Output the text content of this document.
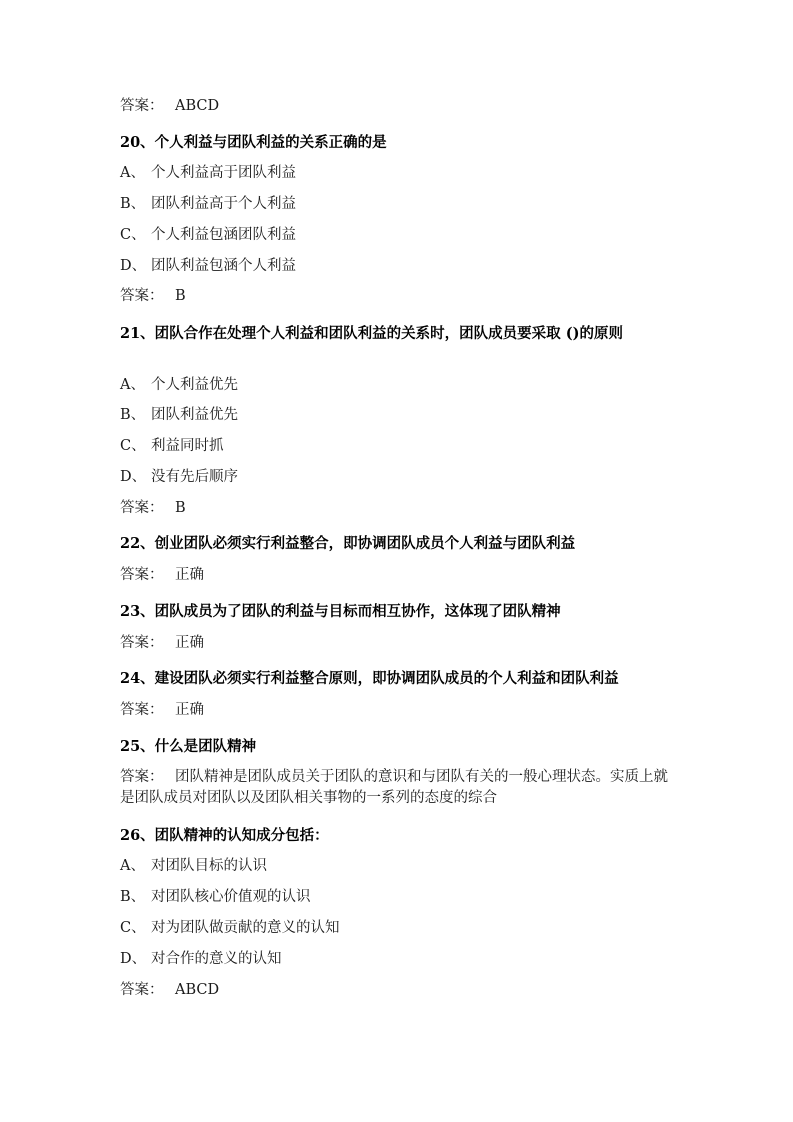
答案： ABCD

20、个人利益与团队利益的关系正确的是

A、 个人利益高于团队利益

B、 团队利益高于个人利益

C、 个人利益包涵团队利益

D、 团队利益包涵个人利益

答案： B

21、团队合作在处理个人利益和团队利益的关系时，团队成员要采取 ()的原则

A、 个人利益优先

B、 团队利益优先

C、 利益同时抓

D、 没有先后顺序

答案： B

22、创业团队必须实行利益整合，即协调团队成员个人利益与团队利益

答案： 正确

23、团队成员为了团队的利益与目标而相互协作，这体现了团队精神

答案： 正确

24、建设团队必须实行利益整合原则，即协调团队成员的个人利益和团队利益

答案： 正确

25、什么是团队精神

答案： 团队精神是团队成员关于团队的意识和与团队有关的一般心理状态。实质上就是团队成员对团队以及团队相关事物的一系列的态度的综合

26、团队精神的认知成分包括：

A、 对团队目标的认识

B、 对团队核心价值观的认识

C、 对为团队做贡献的意义的认知

D、 对合作的意义的认知

答案： ABCD
